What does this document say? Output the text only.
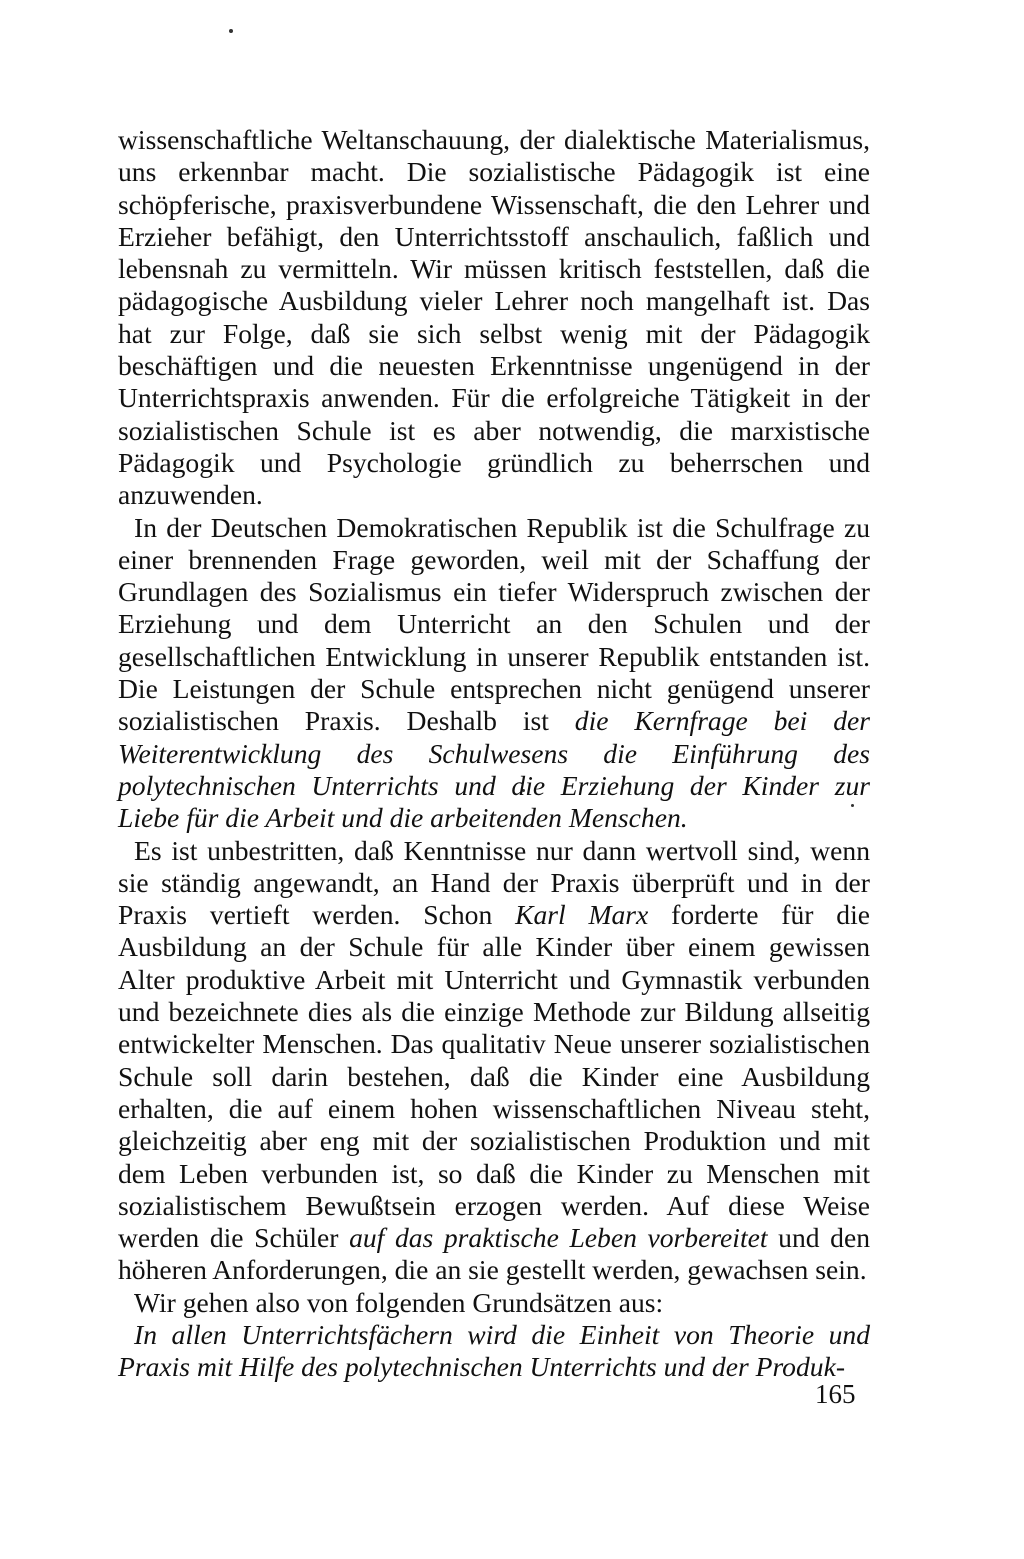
wissenschaftliche Weltanschauung, der dialektische Materialismus, uns erkennbar macht. Die sozialistische Pädagogik ist eine schöpferische, praxisverbundene Wissenschaft, die den Lehrer und Erzieher befähigt, den Unterrichtsstoff anschaulich, faßlich und lebensnah zu vermitteln. Wir müssen kritisch feststellen, daß die pädagogische Ausbildung vieler Lehrer noch mangelhaft ist. Das hat zur Folge, daß sie sich selbst wenig mit der Pädagogik beschäftigen und die neuesten Erkenntnisse ungenügend in der Unterrichtspraxis anwenden. Für die erfolgreiche Tätigkeit in der sozialistischen Schule ist es aber notwendig, die marxistische Pädagogik und Psychologie gründlich zu beherrschen und anzuwenden.

In der Deutschen Demokratischen Republik ist die Schulfrage zu einer brennenden Frage geworden, weil mit der Schaffung der Grundlagen des Sozialismus ein tiefer Widerspruch zwischen der Erziehung und dem Unterricht an den Schulen und der gesellschaftlichen Entwicklung in unserer Republik entstanden ist. Die Leistungen der Schule entsprechen nicht genügend unserer sozialistischen Praxis. Deshalb ist die Kernfrage bei der Weiterentwicklung des Schulwesens die Einführung des polytechnischen Unterrichts und die Erziehung der Kinder zur Liebe für die Arbeit und die arbeitenden Menschen.

Es ist unbestritten, daß Kenntnisse nur dann wertvoll sind, wenn sie ständig angewandt, an Hand der Praxis überprüft und in der Praxis vertieft werden. Schon Karl Marx forderte für die Ausbildung an der Schule für alle Kinder über einem gewissen Alter produktive Arbeit mit Unterricht und Gymnastik verbunden und bezeichnete dies als die einzige Methode zur Bildung allseitig entwickelter Menschen. Das qualitativ Neue unserer sozialistischen Schule soll darin bestehen, daß die Kinder eine Ausbildung erhalten, die auf einem hohen wissenschaftlichen Niveau steht, gleichzeitig aber eng mit der sozialistischen Produktion und mit dem Leben verbunden ist, so daß die Kinder zu Menschen mit sozialistischem Bewußtsein erzogen werden. Auf diese Weise werden die Schüler auf das praktische Leben vorbereitet und den höheren Anforderungen, die an sie gestellt werden, gewachsen sein.

Wir gehen also von folgenden Grundsätzen aus:

In allen Unterrichtsfächern wird die Einheit von Theorie und Praxis mit Hilfe des polytechnischen Unterrichts und der Produk-

165
